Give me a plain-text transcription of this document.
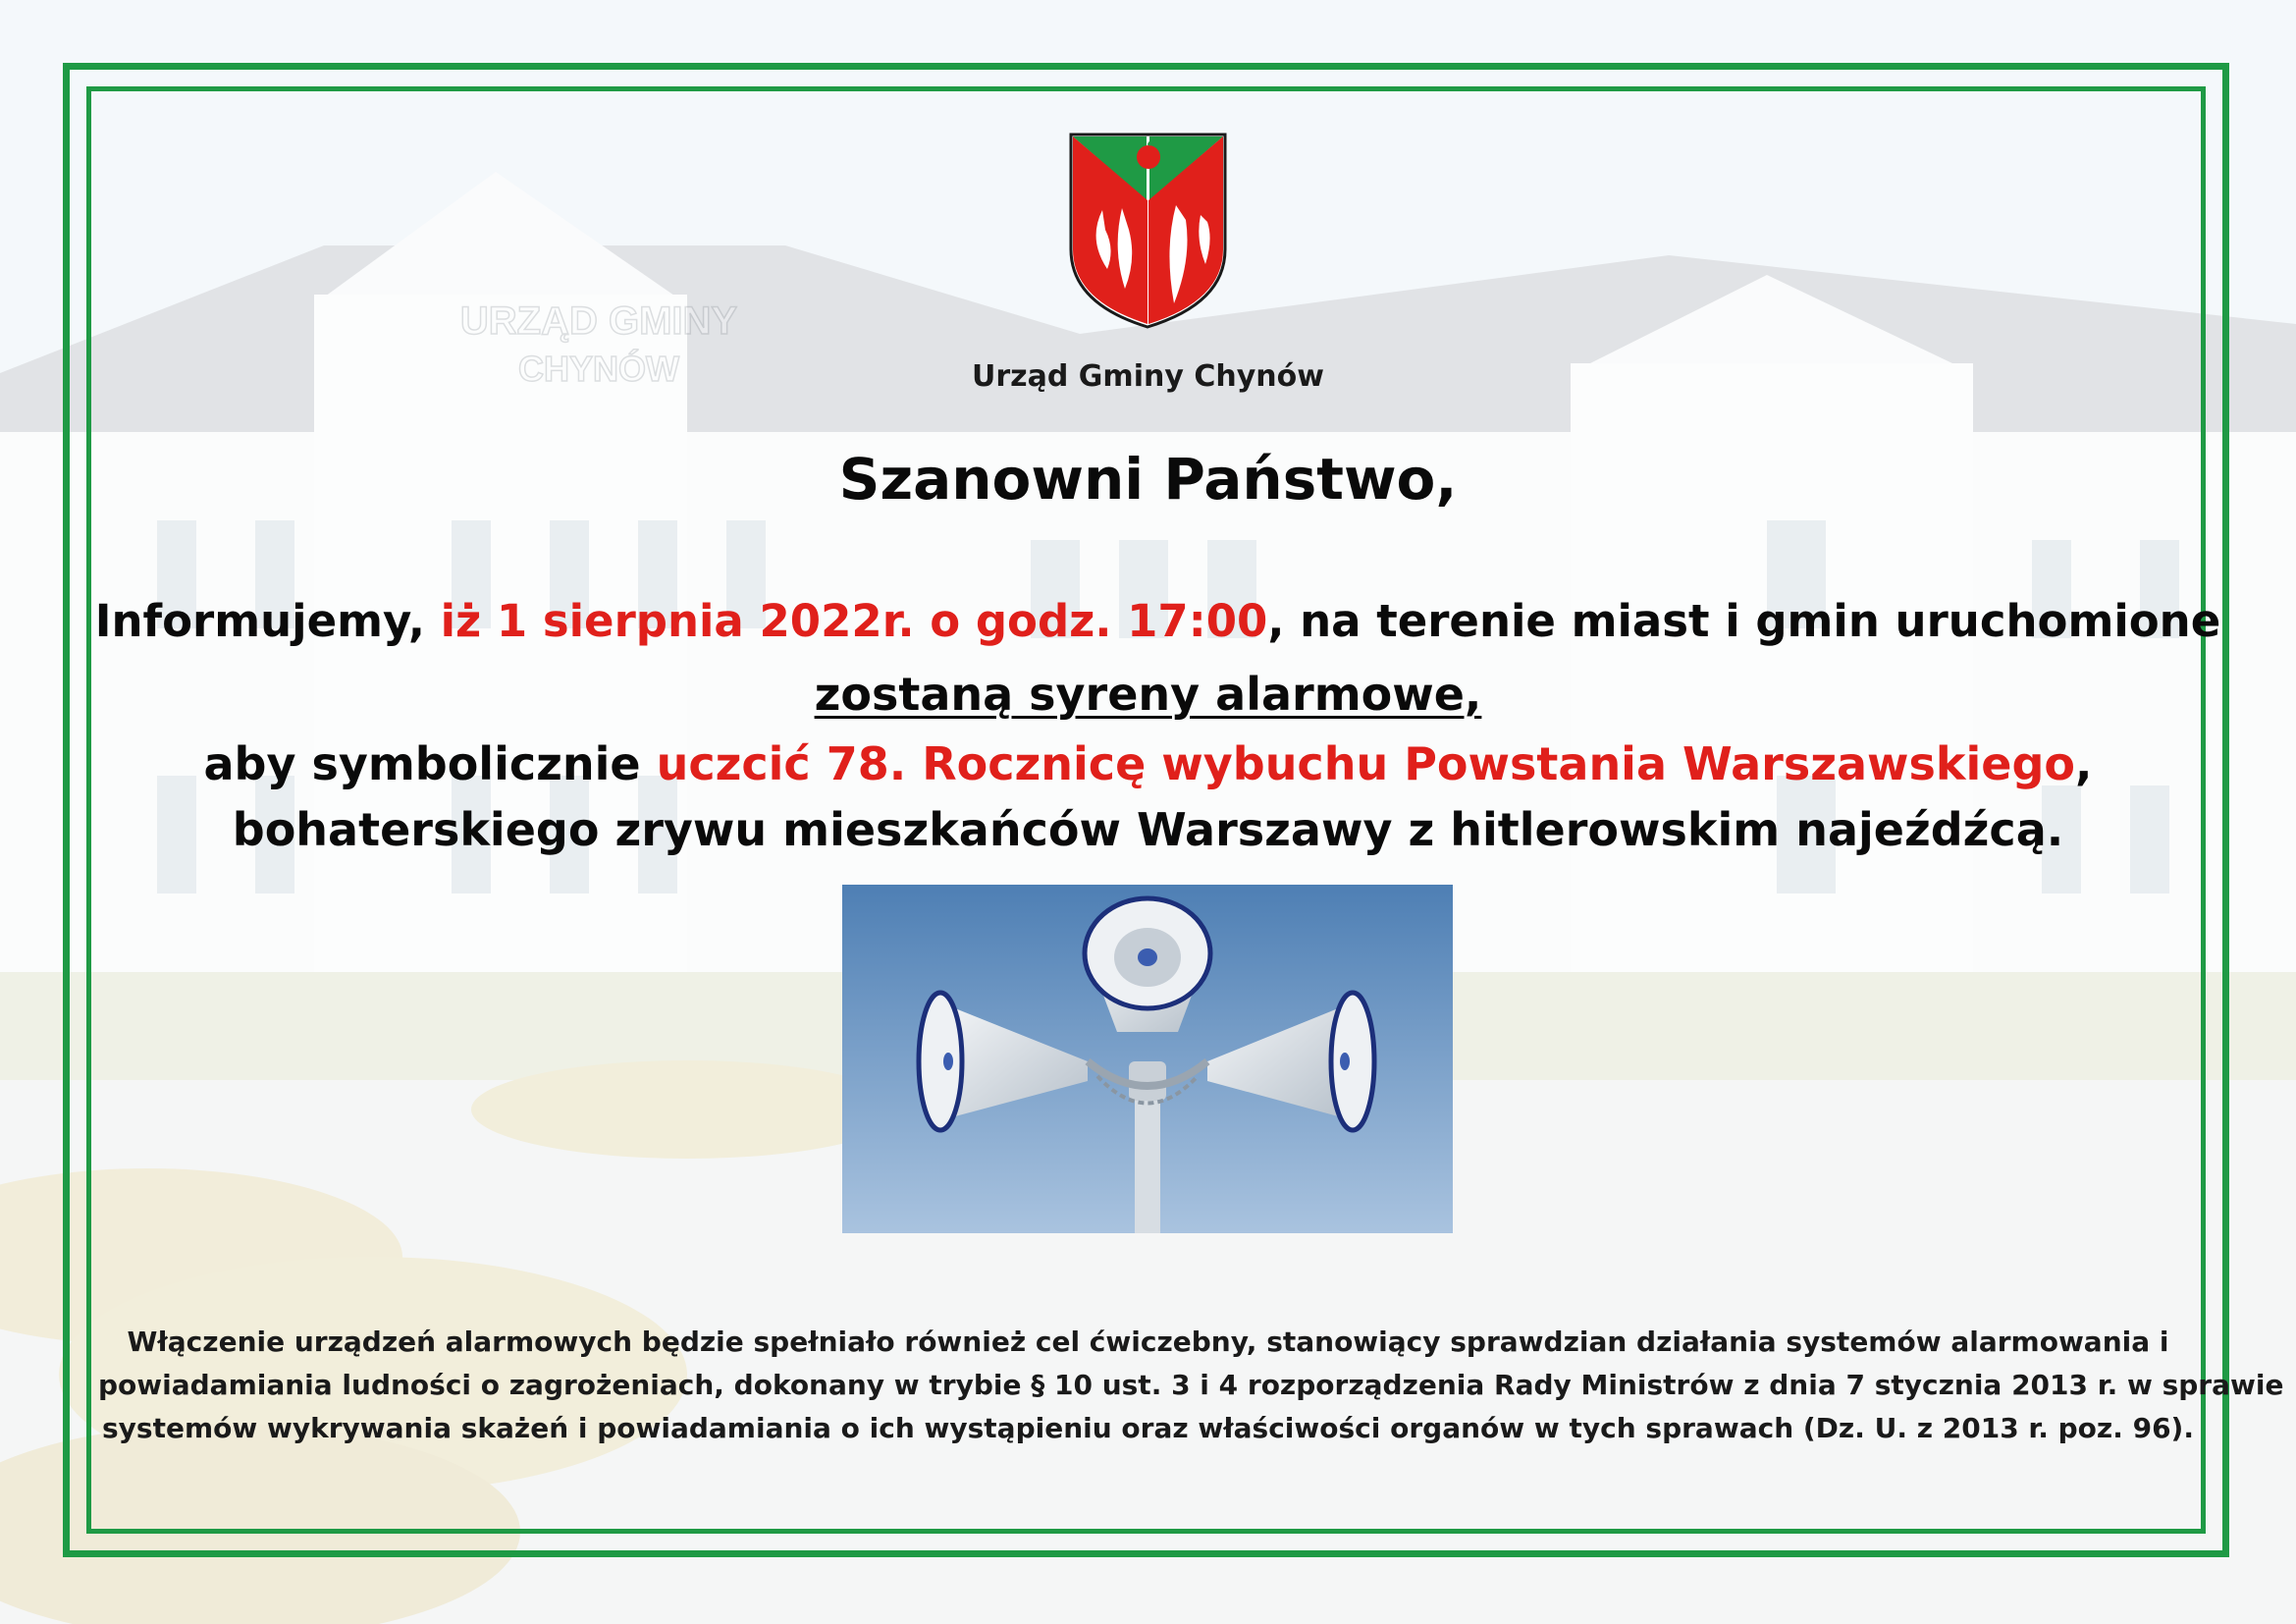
URZĄD GMINY
CHYNÓW	Urząd Gminy Chynów
Szanowni Państwo,
Informujemy, iż 1 sierpnia 2022r. o godz. 17:00, na terenie miast i gmin uruchomione
zostaną syreny alarmowe,
aby symbolicznie uczcić 78. Rocznicę wybuchu Powstania Warszawskiego,
bohaterskiego zrywu mieszkańców Warszawy z hitlerowskim najeźdźcą.
Włączenie urządzeń alarmowych będzie spełniało również cel ćwiczebny, stanowiący sprawdzian działania systemów alarmowania i
powiadamiania ludności o zagrożeniach, dokonany w trybie § 10 ust. 3 i 4 rozporządzenia Rady Ministrów z dnia 7 stycznia 2013 r. w sprawie
systemów wykrywania skażeń i powiadamiania o ich wystąpieniu oraz właściwości organów w tych sprawach (Dz. U. z 2013 r. poz. 96).
